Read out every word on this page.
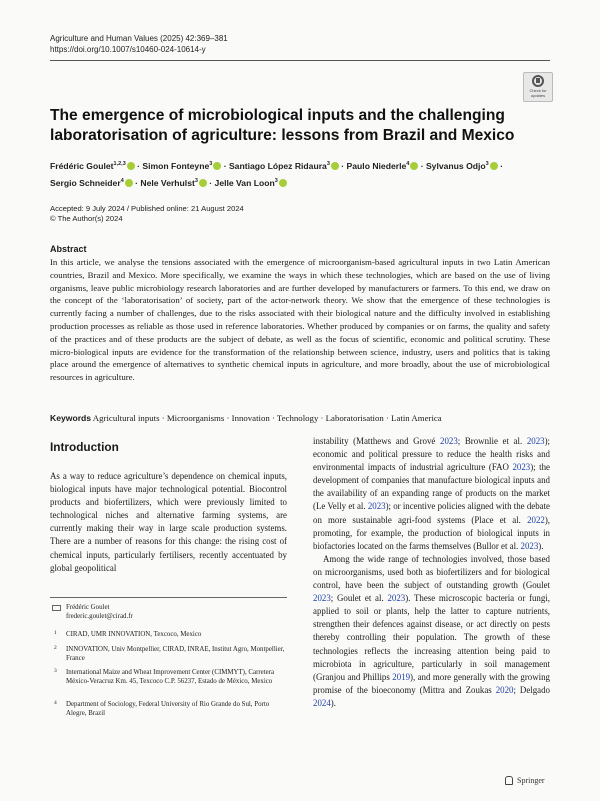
Agriculture and Human Values (2025) 42:369–381
https://doi.org/10.1007/s10460-024-10614-y
Check for
updates
The emergence of microbiological inputs and the challenging
laboratorisation of agriculture: lessons from Brazil and Mexico
Frédéric Goulet$^{1,2,3}$ · Simon Fonteyne$^3$ · Santiago López Ridaura$^3$ · Paulo Niederle$^4$ · Sylvanus Odjo$^3$ ·
Sergio Schneider$^4$ · Nele Verhulst$^3$ · Jelle Van Loon$^3$
Accepted: 9 July 2024 / Published online: 21 August 2024
© The Author(s) 2024
Abstract
In this article, we analyse the tensions associated with the emergence of microorganism-based agricultural inputs in two Latin American countries, Brazil and Mexico. More specifically, we examine the ways in which these technologies, which are based on the use of living organisms, leave public microbiology research laboratories and are further developed by manufacturers or farmers. To this end, we draw on the concept of the ‘laboratorisation’ of society, part of the actor-network theory. We show that the emergence of these technologies is currently facing a number of challenges, due to the risks associated with their biological nature and the difficulty involved in establishing production processes as reliable as those used in reference laboratories. Whether produced by companies or on farms, the quality and safety of the practices and of these products are the subject of debate, as well as the focus of scientific, economic and political scrutiny. These micro-biological inputs are evidence for the transformation of the relationship between science, industry, users and politics that is taking place around the emergence of alternatives to synthetic chemical inputs in agriculture, and more broadly, about the use of microbiological resources in agriculture.
Keywords Agricultural inputs · Microorganisms · Innovation · Technology · Laboratorisation · Latin America
Introduction
As a way to reduce agriculture’s dependence on chemical inputs, biological inputs have major technological potential. Biocontrol products and biofertilizers, which were previously limited to technological niches and alternative farming systems, are currently making their way in large scale production systems. There are a number of reasons for this change: the rising cost of chemical inputs, particularly fertilisers, recently accentuated by global geopolitical

instability (Matthews and Grové 2023; Brownlie et al. 2023); economic and political pressure to reduce the health risks and environmental impacts of industrial agriculture (FAO 2023); the development of companies that manufacture biological inputs and the availability of an expanding range of products on the market (Le Velly et al. 2023); or incentive policies aligned with the debate on more sustainable agri-food systems (Place et al. 2022), promoting, for example, the production of biological inputs in biofactories located on the farms themselves (Bullor et al. 2023).

Among the wide range of technologies involved, those based on microorganisms, used both as biofertilizers and for biological control, have been the subject of outstanding growth (Goulet 2023; Goulet et al. 2023). These microscopic bacteria or fungi, applied to soil or plants, help the latter to capture nutrients, strengthen their defences against disease, or act directly on pests thereby controlling their population. The growth of these technologies reflects the increasing attention being paid to microbiota in agriculture, particularly in soil management (Granjou and Phillips 2019), and more generally with the growing promise of the bioeconomy (Mittra and Zoukas 2020; Delgado 2024).

Frédéric Goulet
frederic.goulet@cirad.fr
1 CIRAD, UMR INNOVATION, Texcoco, Mexico
2 INNOVATION, Univ Montpellier, CIRAD, INRAE, Institut Agro, Montpellier, France
3 International Maize and Wheat Improvement Center (CIMMYT), Carretera México-Veracruz Km. 45, Texcoco C.P. 56237, Estado de México, Mexico
4 Department of Sociology, Federal University of Rio Grande do Sul, Porto Alegre, Brazil
Springer
